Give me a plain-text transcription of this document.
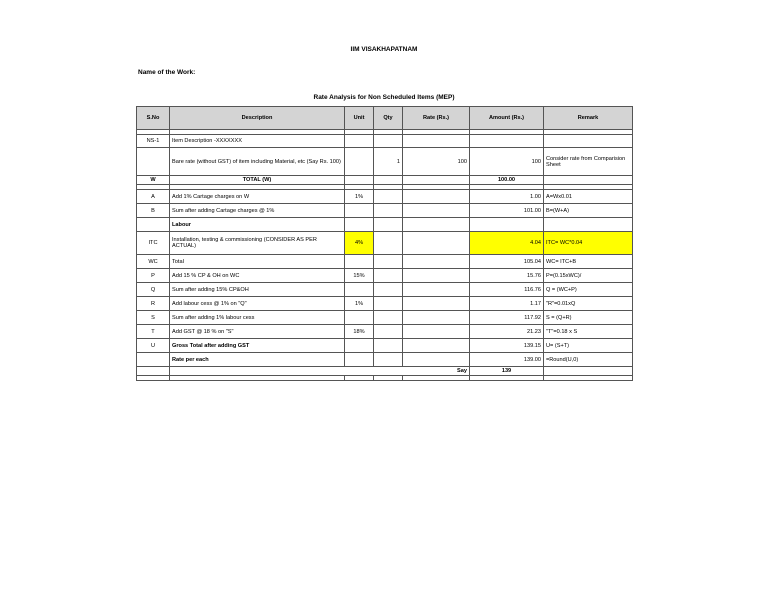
IIM VISAKHAPATNAM
Name of the Work:
Rate Analysis for Non Scheduled Items (MEP)
S.No	Description	Unit	Qty	Rate (Rs.)	Amount (Rs.)	Remark

NS-1	Item Description -XXXXXXX					
	Bare rate (without GST) of item including Material, etc (Say Rs. 100)		1	100	100	Consider rate from Comparision Sheet
W	TOTAL (W)				100.00	

A	Add 1% Cartage charges on W	1%			1.00	A=Wx0.01
B	Sum after adding Cartage charges @ 1%				101.00	B=(W+A)
	Labour					
ITC	Installation, testing & commissioning (CONSIDER AS PER ACTUAL)	4%			4.04	ITC= WC*0.04
WC	Total				105.04	WC= ITC+B
P	Add 15 % CP & OH on WC	15%			15.76	P=(0.15xWC)/
Q	Sum after adding 15% CP&OH				116.76	Q = (WC+P)
R	Add labour cess @ 1% on "Q"	1%			1.17	"R"=0.01xQ
S	Sum after adding 1% labour cess				117.92	S = (Q+R)
T	Add GST @ 18 % on "S"	18%			21.23	"T"=0.18 x S
U	Gross Total after adding GST				139.15	U= (S+T)
	Rate per each				139.00	=Round(U,0)
	Say				139	
